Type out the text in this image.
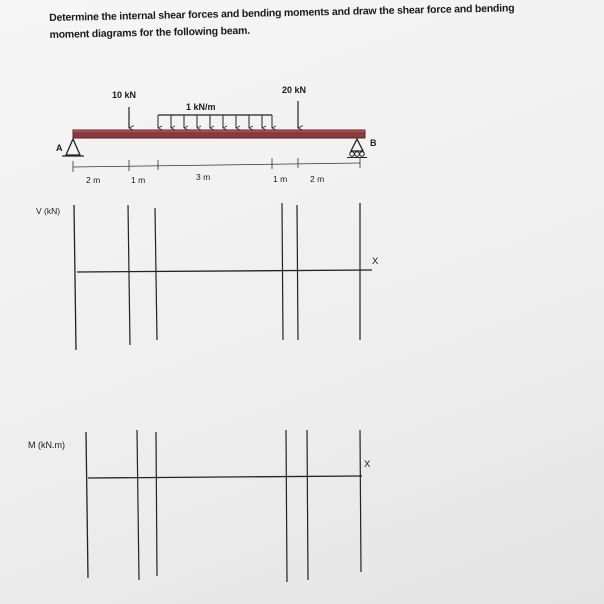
Determine the internal shear forces and bending moments and draw the shear force and bending
moment diagrams for the following beam.
10 kN
1 kN/m
20 kN
A	B
2 m	1 m	3 m	1 m	2 m
V (kN)
X
M (kN.m)
X
